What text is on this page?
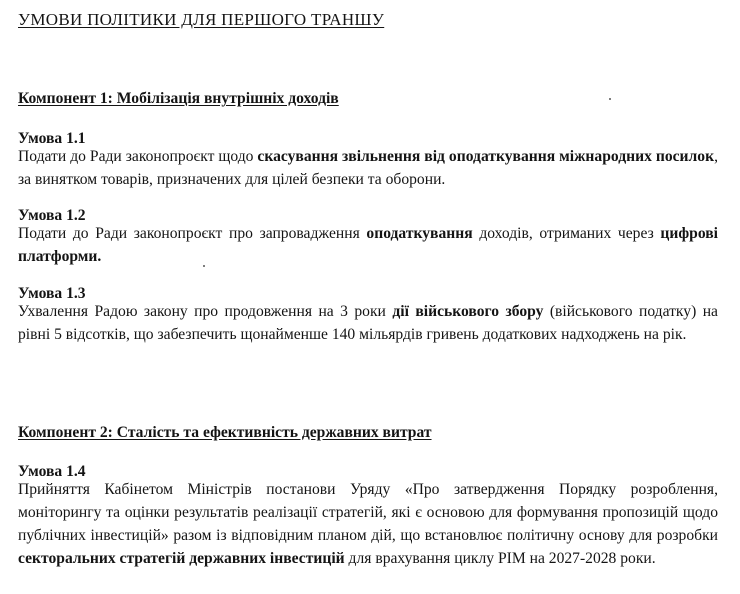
УМОВИ ПОЛІТИКИ ДЛЯ ПЕРШОГО ТРАНШУ
Компонент 1: Мобілізація внутрішніх доходів
Умова 1.1
Подати до Ради законопроєкт щодо скасування звільнення від оподаткування міжнародних посилок, за винятком товарів, призначених для цілей безпеки та оборони.
Умова 1.2
Подати до Ради законопроєкт про запровадження оподаткування доходів, отриманих через цифрові платформи.
Умова 1.3
Ухвалення Радою закону про продовження на 3 роки дії військового збору (військового податку) на рівні 5 відсотків, що забезпечить щонайменше 140 мільярдів гривень додаткових надходжень на рік.
Компонент 2: Сталість та ефективність державних витрат
Умова 1.4
Прийняття Кабінетом Міністрів постанови Уряду «Про затвердження Порядку розроблення, моніторингу та оцінки результатів реалізації стратегій, які є основою для формування пропозицій щодо публічних інвестицій» разом із відповідним планом дій, що встановлює політичну основу для розробки секторальних стратегій державних інвестицій для врахування циклу PIM на 2027-2028 роки.
